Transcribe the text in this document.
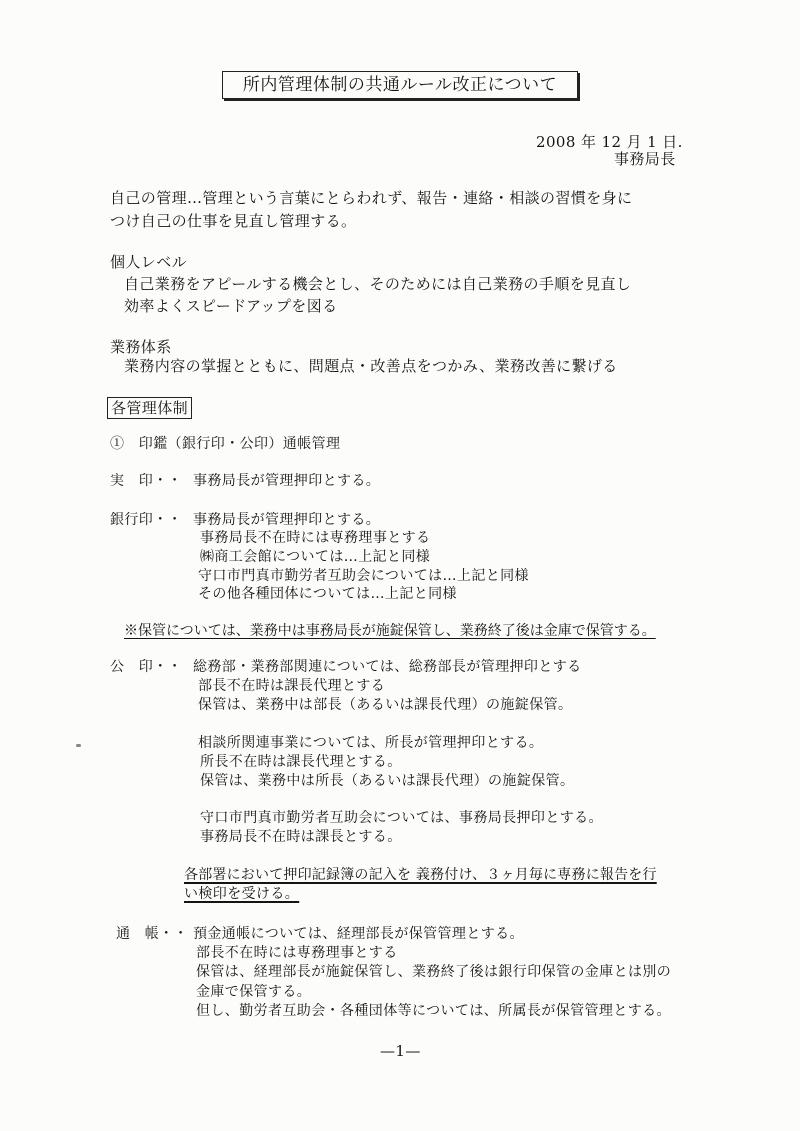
所内管理体制の共通ルール改正について
2008 年 12 月 1 日.
事務局長
自己の管理…管理という言葉にとらわれず、報告・連絡・相談の習慣を身に
つけ自己の仕事を見直し管理する。
個人レベル
自己業務をアピールする機会とし、そのためには自己業務の手順を見直し
効率よくスピードアップを図る
業務体系
業務内容の掌握とともに、問題点・改善点をつかみ、業務改善に繋げる
各管理体制
①　印鑑（銀行印・公印）通帳管理
実　印・・ 事務局長が管理押印とする。
銀行印・・ 事務局長が管理押印とする。
事務局長不在時には専務理事とする
㈱商工会館については…上記と同様
守口市門真市勤労者互助会については…上記と同様
その他各種団体については…上記と同様
※保管については、業務中は事務局長が施錠保管し、業務終了後は金庫で保管する。
公　印・・ 総務部・業務部関連については、総務部長が管理押印とする
部長不在時は課長代理とする
保管は、業務中は部長（あるいは課長代理）の施錠保管。
相談所関連事業については、所長が管理押印とする。
所長不在時は課長代理とする。
保管は、業務中は所長（あるいは課長代理）の施錠保管。
守口市門真市勤労者互助会については、事務局長押印とする。
事務局長不在時は課長とする。
各部署において押印記録簿の記入を 義務付け、３ヶ月毎に専務に報告を行
い検印を受ける。
通　帳・・ 預金通帳については、経理部長が保管管理とする。
部長不在時には専務理事とする
保管は、経理部長が施錠保管し、業務終了後は銀行印保管の金庫とは別の
金庫で保管する。
但し、勤労者互助会・各種団体等については、所属長が保管管理とする。
—1—
